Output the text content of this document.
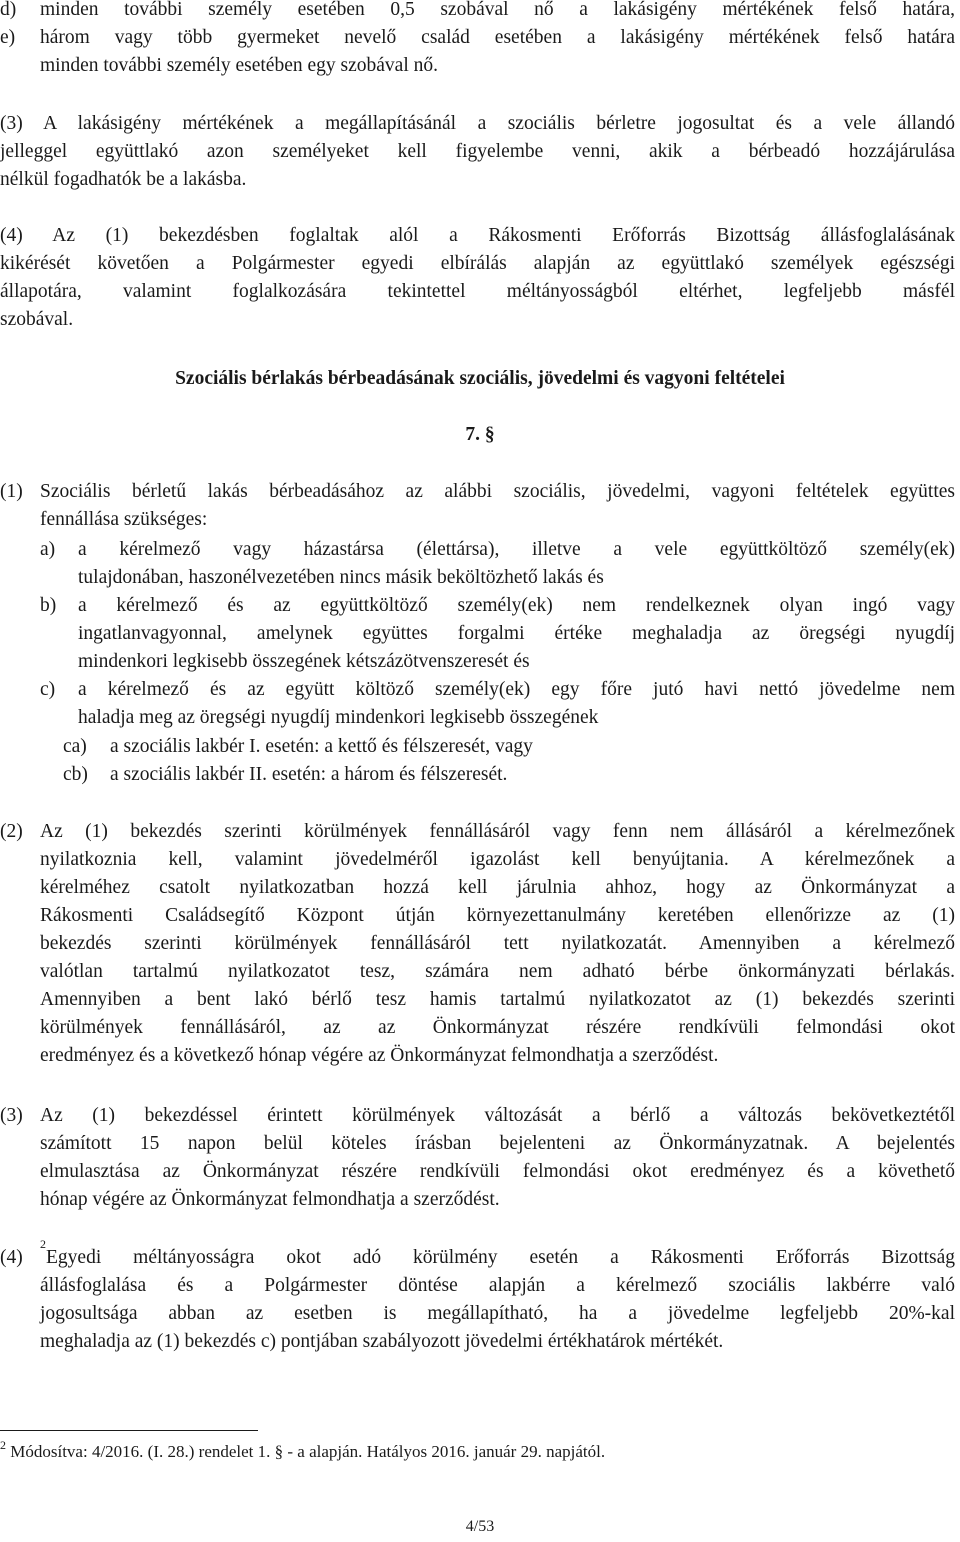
d) minden további személy esetében 0,5 szobával nő a lakásigény mértékének felső határa,
e) három vagy több gyermeket nevelő család esetében a lakásigény mértékének felső határa
minden további személy esetében egy szobával nő.
(3) A lakásigény mértékének a megállapításánál a szociális bérletre jogosultat és a vele állandó
jelleggel együttlakó azon személyeket kell figyelembe venni, akik a bérbeadó hozzájárulása
nélkül fogadhatók be a lakásba.
(4) Az (1) bekezdésben foglaltak alól a Rákosmenti Erőforrás Bizottság állásfoglalásának
kikérését követően a Polgármester egyedi elbírálás alapján az együttlakó személyek egészségi
állapotára, valamint foglalkozására tekintettel méltányosságból eltérhet, legfeljebb másfél
szobával.
Szociális bérlakás bérbeadásának szociális, jövedelmi és vagyoni feltételei
7. §
(1) Szociális bérletű lakás bérbeadásához az alábbi szociális, jövedelmi, vagyoni feltételek együttes
fennállása szükséges:
a) a kérelmező vagy házastársa (élettársa), illetve a vele együttköltöző személy(ek)
tulajdonában, haszonélvezetében nincs másik beköltözhető lakás és
b) a kérelmező és az együttköltöző személy(ek) nem rendelkeznek olyan ingó vagy
ingatlanvagyonnal, amelynek együttes forgalmi értéke meghaladja az öregségi nyugdíj
mindenkori legkisebb összegének kétszázötvenszeresét és
c) a kérelmező és az együtt költöző személy(ek) egy főre jutó havi nettó jövedelme nem
haladja meg az öregségi nyugdíj mindenkori legkisebb összegének
ca) a szociális lakbér I. esetén: a kettő és félszeresét, vagy
cb) a szociális lakbér II. esetén: a három és félszeresét.
(2) Az (1) bekezdés szerinti körülmények fennállásáról vagy fenn nem állásáról a kérelmezőnek
nyilatkoznia kell, valamint jövedelméről igazolást kell benyújtania. A kérelmezőnek a
kérelméhez csatolt nyilatkozatban hozzá kell járulnia ahhoz, hogy az Önkormányzat a
Rákosmenti Családsegítő Központ útján környezettanulmány keretében ellenőrizze az (1)
bekezdés szerinti körülmények fennállásáról tett nyilatkozatát. Amennyiben a kérelmező
valótlan tartalmú nyilatkozatot tesz, számára nem adható bérbe önkormányzati bérlakás.
Amennyiben a bent lakó bérlő tesz hamis tartalmú nyilatkozatot az (1) bekezdés szerinti
körülmények fennállásáról, az az Önkormányzat részére rendkívüli felmondási okot
eredményez és a következő hónap végére az Önkormányzat felmondhatja a szerződést.
(3) Az (1) bekezdéssel érintett körülmények változását a bérlő a változás bekövetkeztétől
számított 15 napon belül köteles írásban bejelenteni az Önkormányzatnak. A bejelentés
elmulasztása az Önkormányzat részére rendkívüli felmondási okot eredményez és a követhető
hónap végére az Önkormányzat felmondhatja a szerződést.
(4)
2
Egyedi méltányosságra okot adó körülmény esetén a Rákosmenti Erőforrás Bizottság
állásfoglalása és a Polgármester döntése alapján a kérelmező szociális lakbérre való
jogosultsága abban az esetben is megállapítható, ha a jövedelme legfeljebb 20%-kal
meghaladja az (1) bekezdés c) pontjában szabályozott jövedelmi értékhatárok mértékét.
$^2$ Módosítva: 4/2016. (I. 28.) rendelet 1. § - a alapján. Hatályos 2016. január 29. napjától.
4/53
